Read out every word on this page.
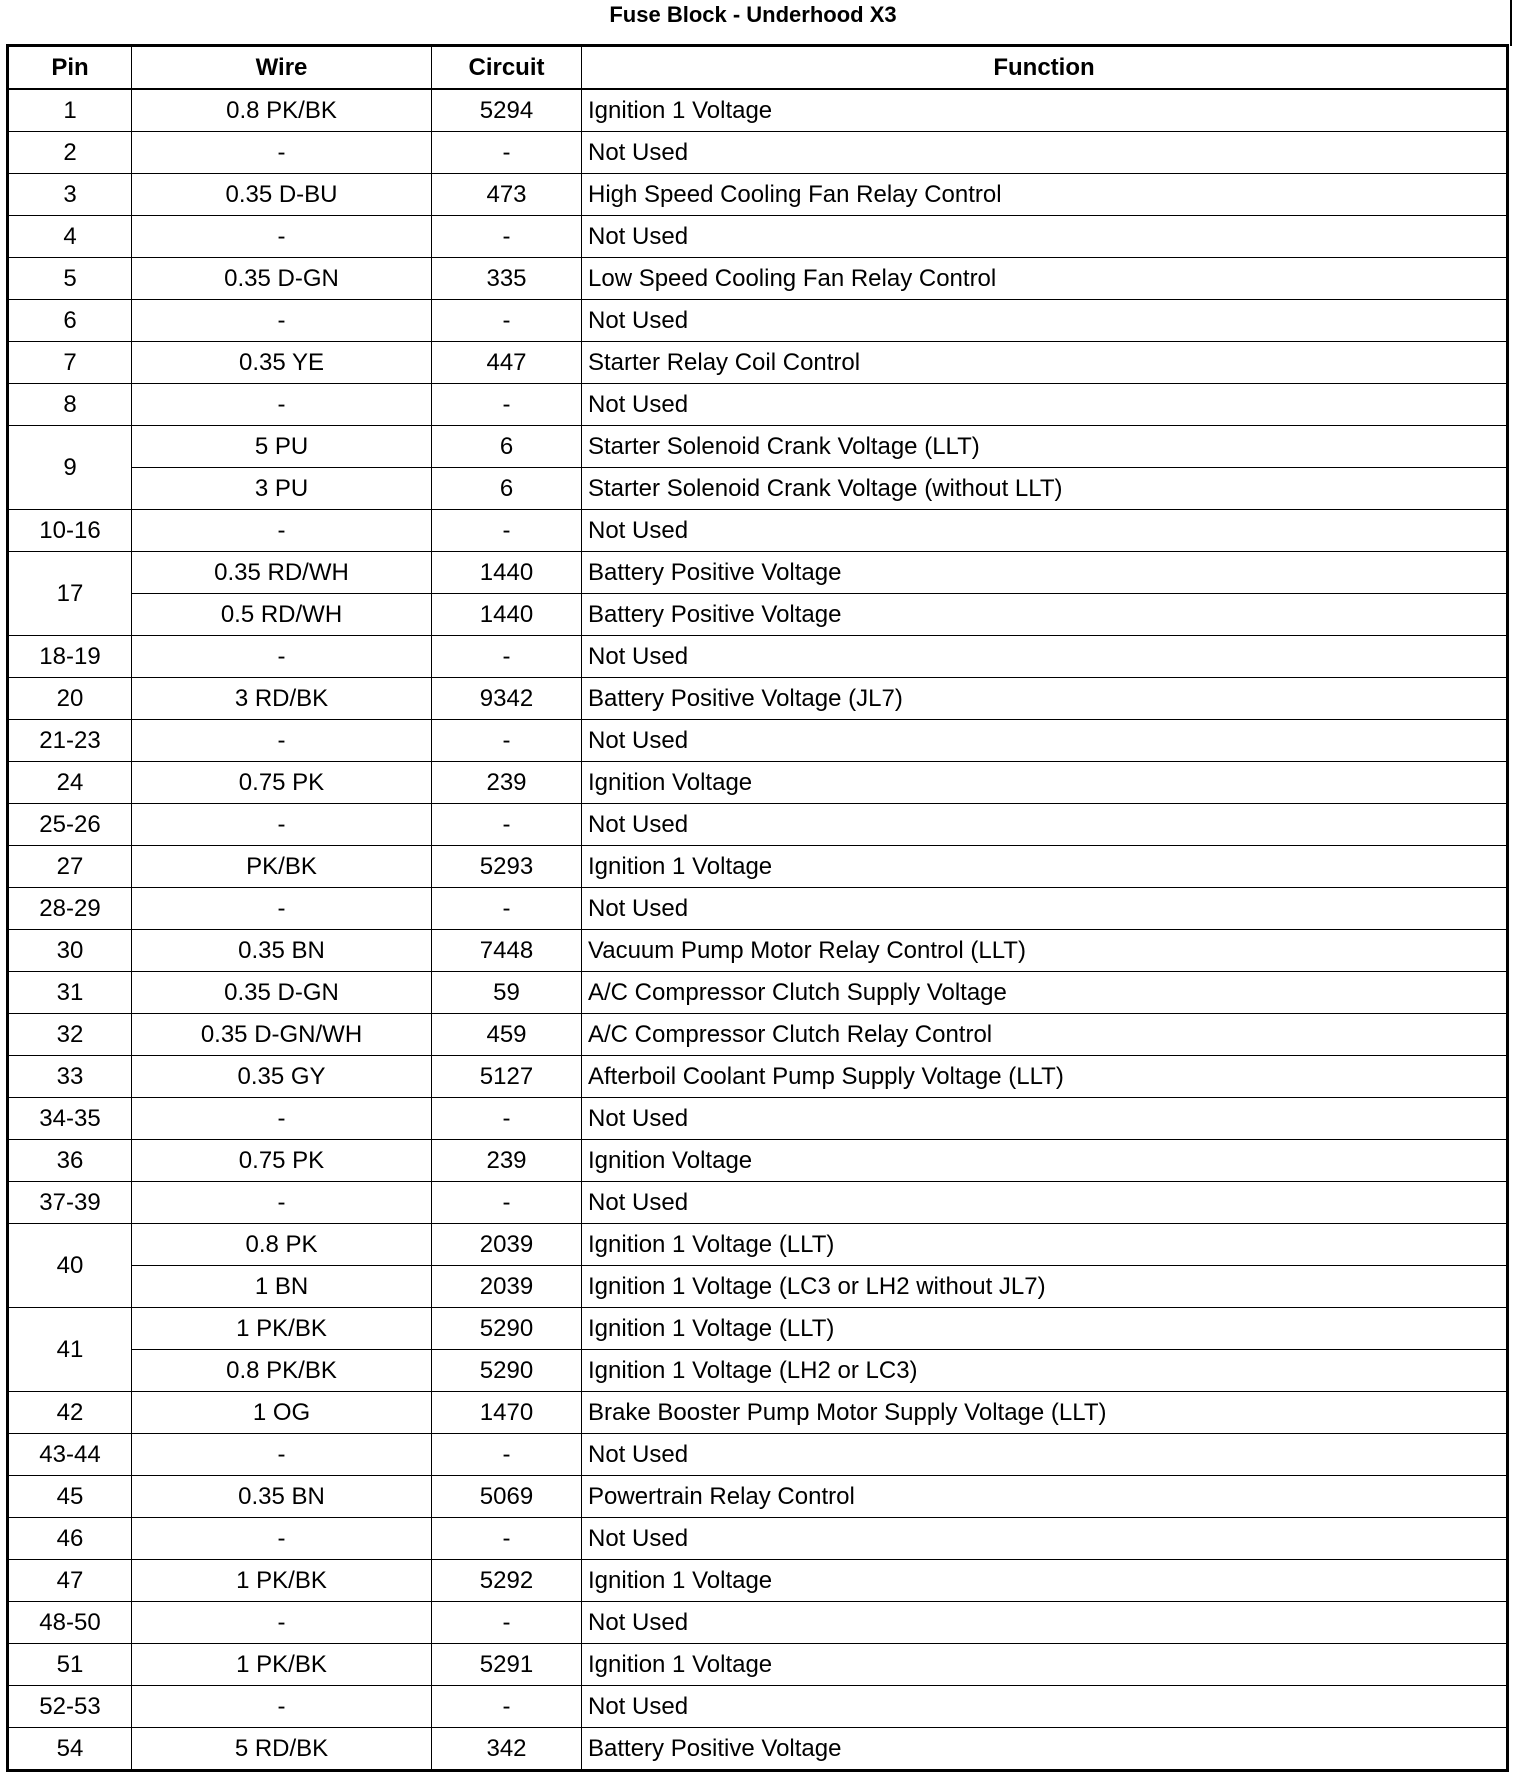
Fuse Block - Underhood X3
Pin	Wire	Circuit	Function
1	0.8 PK/BK	5294	Ignition 1 Voltage
2	-	-	Not Used
3	0.35 D-BU	473	High Speed Cooling Fan Relay Control
4	-	-	Not Used
5	0.35 D-GN	335	Low Speed Cooling Fan Relay Control
6	-	-	Not Used
7	0.35 YE	447	Starter Relay Coil Control
8	-	-	Not Used
9	5 PU	6	Starter Solenoid Crank Voltage (LLT)
	3 PU	6	Starter Solenoid Crank Voltage (without LLT)
10-16	-	-	Not Used
17	0.35 RD/WH	1440	Battery Positive Voltage
	0.5 RD/WH	1440	Battery Positive Voltage
18-19	-	-	Not Used
20	3 RD/BK	9342	Battery Positive Voltage (JL7)
21-23	-	-	Not Used
24	0.75 PK	239	Ignition Voltage
25-26	-	-	Not Used
27	PK/BK	5293	Ignition 1 Voltage
28-29	-	-	Not Used
30	0.35 BN	7448	Vacuum Pump Motor Relay Control (LLT)
31	0.35 D-GN	59	A/C Compressor Clutch Supply Voltage
32	0.35 D-GN/WH	459	A/C Compressor Clutch Relay Control
33	0.35 GY	5127	Afterboil Coolant Pump Supply Voltage (LLT)
34-35	-	-	Not Used
36	0.75 PK	239	Ignition Voltage
37-39	-	-	Not Used
40	0.8 PK	2039	Ignition 1 Voltage (LLT)
	1 BN	2039	Ignition 1 Voltage (LC3 or LH2 without JL7)
41	1 PK/BK	5290	Ignition 1 Voltage (LLT)
	0.8 PK/BK	5290	Ignition 1 Voltage (LH2 or LC3)
42	1 OG	1470	Brake Booster Pump Motor Supply Voltage (LLT)
43-44	-	-	Not Used
45	0.35 BN	5069	Powertrain Relay Control
46	-	-	Not Used
47	1 PK/BK	5292	Ignition 1 Voltage
48-50	-	-	Not Used
51	1 PK/BK	5291	Ignition 1 Voltage
52-53	-	-	Not Used
54	5 RD/BK	342	Battery Positive Voltage
